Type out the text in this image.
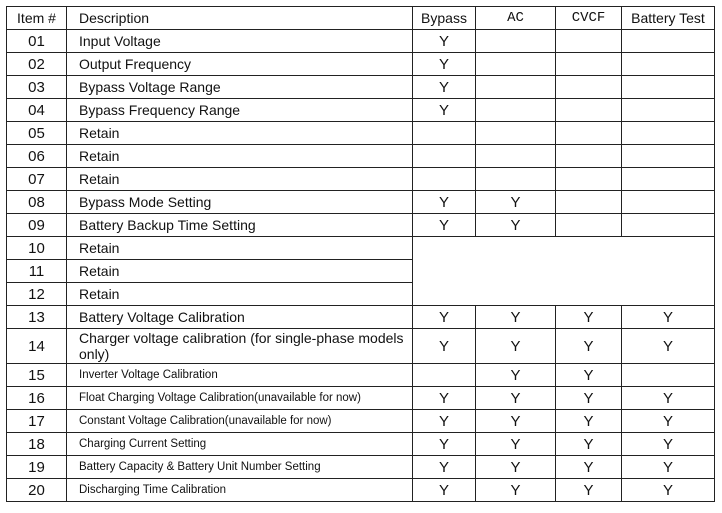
Item #	Description	Bypass	AC	CVCF	Battery Test
01	Input Voltage	Y			
02	Output Frequency	Y			
03	Bypass Voltage Range	Y			
04	Bypass Frequency Range	Y			
05	Retain				
06	Retain				
07	Retain				
08	Bypass Mode Setting	Y	Y		
09	Battery Backup Time Setting	Y	Y		
10	Retain				
11	Retain				
12	Retain				
13	Battery Voltage Calibration	Y	Y	Y	Y
14	Charger voltage calibration (for single-phase models only)	Y	Y	Y	Y
15	Inverter Voltage Calibration		Y	Y	
16	Float Charging Voltage Calibration(unavailable for now)	Y	Y	Y	Y
17	Constant Voltage Calibration(unavailable for now)	Y	Y	Y	Y
18	Charging Current Setting	Y	Y	Y	Y
19	Battery Capacity & Battery Unit Number Setting	Y	Y	Y	Y
20	Discharging Time Calibration	Y	Y	Y	Y
